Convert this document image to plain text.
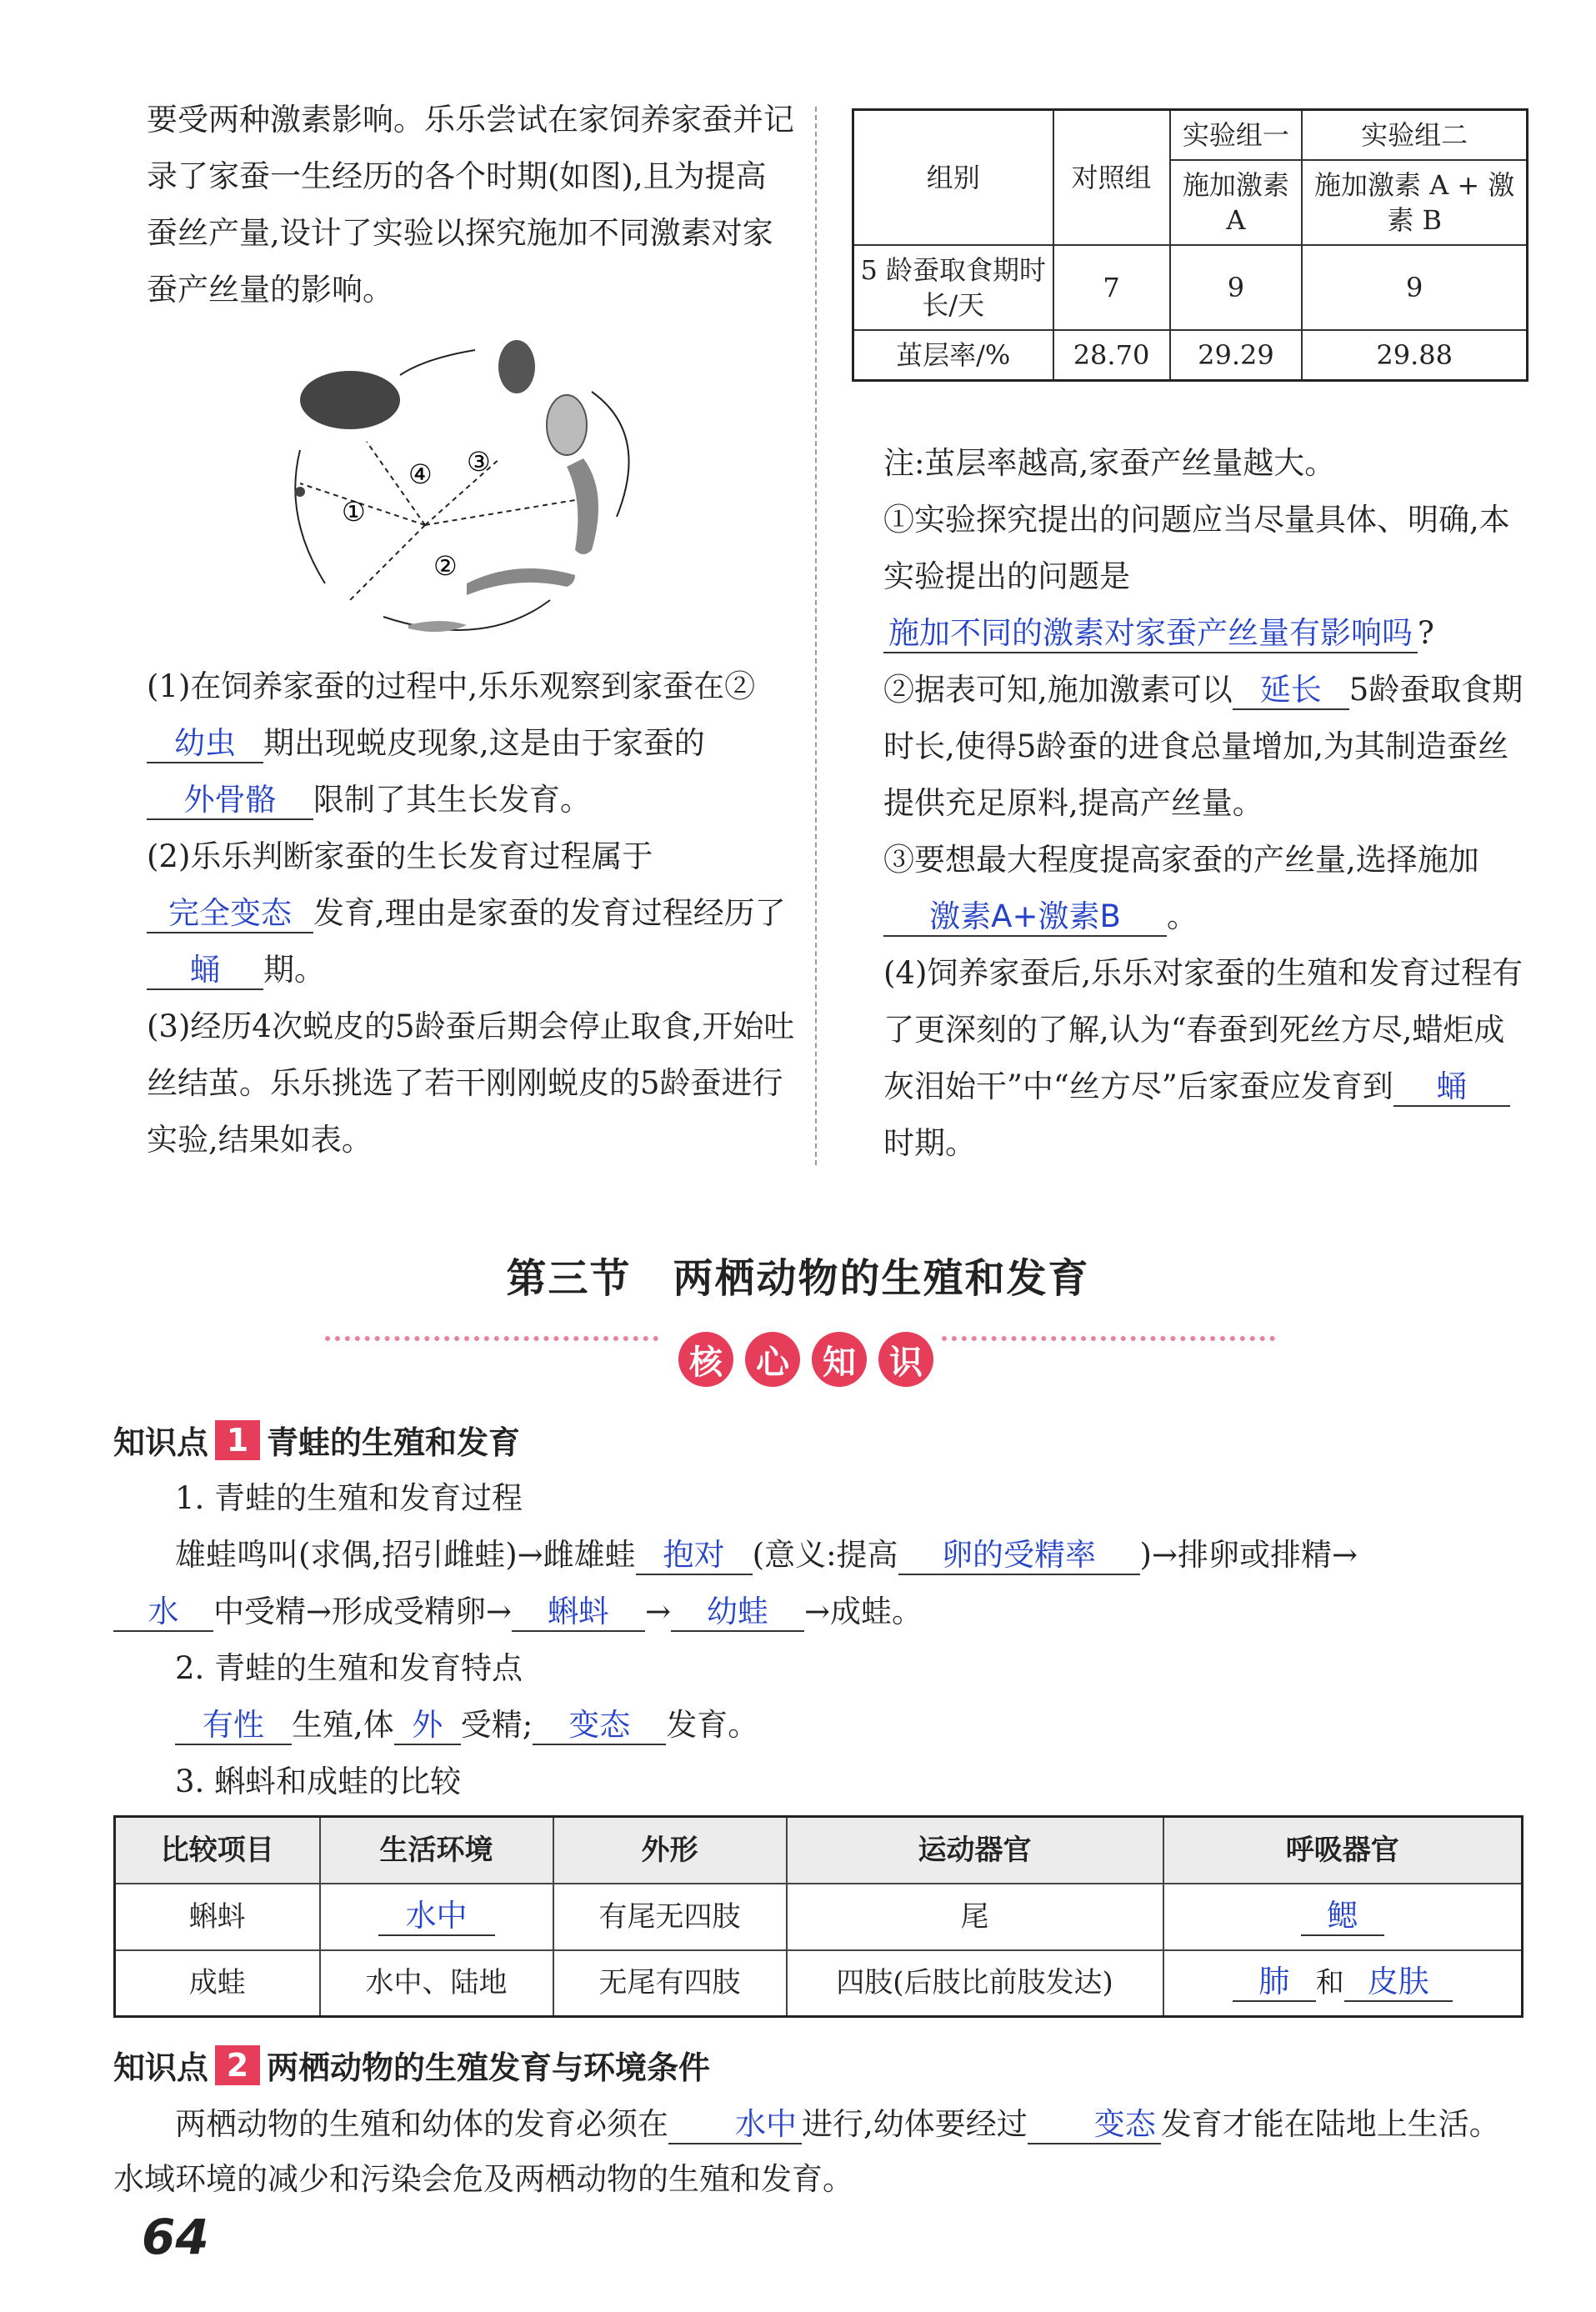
要受两种激素影响。乐乐尝试在家饲养家蚕并记录了家蚕一生经历的各个时期(如图),且为提高蚕丝产量,设计了实验以探究施加不同激素对家蚕产丝量的影响。

①
②
③
④

(1)在饲养家蚕的过程中,乐乐观察到家蚕在②幼虫 期出现蜕皮现象,这是由于家蚕的外骨骼 限制了其生长发育。

(2)乐乐判断家蚕的生长发育过程属于完全变态 发育,理由是家蚕的发育过程经历了蛹 期。

(3)经历4次蜕皮的5龄蚕后期会停止取食,开始吐丝结茧。乐乐挑选了若干刚刚蜕皮的5龄蚕进行实验,结果如表。

组别	对照组	实验组一	实验组二
		施加激素 A	施加激素 A + 激素 B
5 龄蚕取食期时长/天	7	9	9
茧层率/%	28.70	29.29	29.88

注:茧层率越高,家蚕产丝量越大。

①实验探究提出的问题应当尽量具体、明确,本实验提出的问题是施加不同的激素对家蚕产丝量有影响吗 ?

②据表可知,施加激素可以 延长 5龄蚕取食期时长,使得5龄蚕的进食总量增加,为其制造蚕丝提供充足原料,提高产丝量。

③要想最大程度提高家蚕的产丝量,选择施加激素A+激素B 。

(4)饲养家蚕后,乐乐对家蚕的生殖和发育过程有了更深刻的了解,认为“春蚕到死丝方尽,蜡炬成灰泪始干”中“丝方尽”后家蚕应发育到 蛹时期。

第三节　两栖动物的生殖和发育
核	心	知	识
知识点 1 青蛙的生殖和发育
1. 青蛙的生殖和发育过程
雄蛙鸣叫(求偶,招引雌蛙)→雌雄蛙 抱对 (意义:提高 卵的受精率 )→排卵或排精→
水 中受精→形成受精卵→ 蝌蚪 → 幼蛙 →成蛙。
2. 青蛙的生殖和发育特点
有性 生殖,体 外 受精; 变态 发育。
3. 蝌蚪和成蛙的比较
比较项目	生活环境	外形	运动器官	呼吸器官
蝌蚪	水中	有尾无四肢	尾	鳃
成蛙	水中、陆地	无尾有四肢	四肢(后肢比前肢发达)	肺 和 皮肤
知识点 2 两栖动物的生殖发育与环境条件
两栖动物的生殖和幼体的发育必须在 水中 进行,幼体要经过 变态 发育才能在陆地上生活。水域环境的减少和污染会危及两栖动物的生殖和发育。
64
